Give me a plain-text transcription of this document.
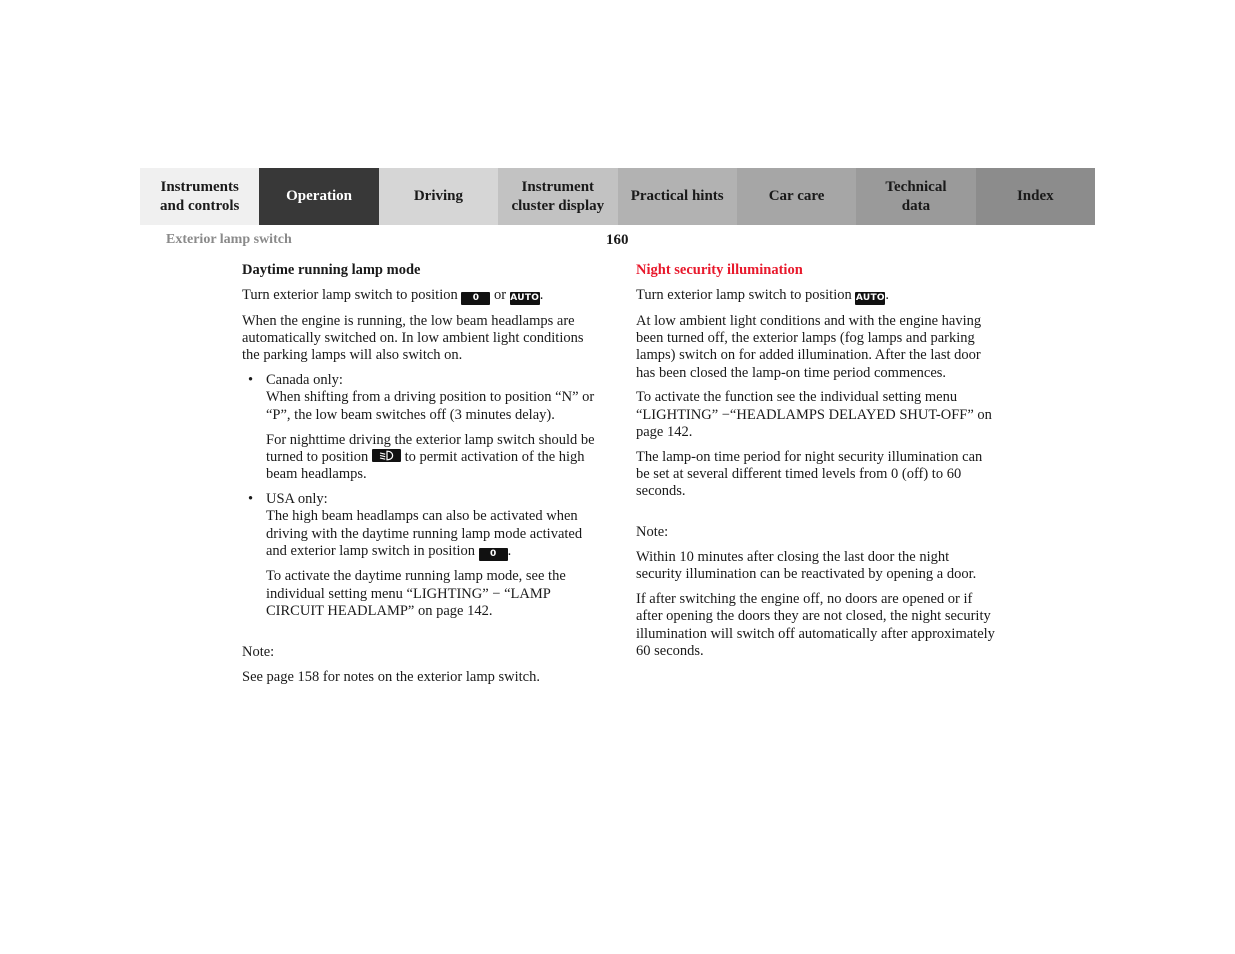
Instruments
and controls
Operation	Driving
Instrument
cluster display
Practical hints	Car care
Technical
data
Index
Exterior lamp switch	160

Daytime running lamp mode

Turn exterior lamp switch to position 0 or AUTO.

When the engine is running, the low beam headlamps are automatically switched on. In low ambient light conditions the parking lamps will also switch on.

• Canada only:
When shifting from a driving position to position “N” or “P”, the low beam switches off (3 minutes delay).

For nighttime driving the exterior lamp switch should be turned to position
to permit activation of the high beam headlamps.

• USA only:
The high beam headlamps can also be activated when driving with the daytime running lamp mode activated and exterior lamp switch in position 0 .

To activate the daytime running lamp mode, see the individual setting menu “LIGHTING” − “LAMP CIRCUIT HEADLAMP” on page 142.

Note:

See page 158 for notes on the exterior lamp switch.

Night security illumination

Turn exterior lamp switch to position AUTO.

At low ambient light conditions and with the engine having been turned off, the exterior lamps (fog lamps and parking lamps) switch on for added illumination. After the last door has been closed the lamp-on time period commences.

To activate the function see the individual setting menu “LIGHTING” −“HEADLAMPS DELAYED SHUT-OFF” on page 142.

The lamp-on time period for night security illumination can be set at several different timed levels from 0 (off) to 60 seconds.

Note:

Within 10 minutes after closing the last door the night security illumination can be reactivated by opening a door.

If after switching the engine off, no doors are opened or if after opening the doors they are not closed, the night security illumination will switch off automatically after approximately 60 seconds.
